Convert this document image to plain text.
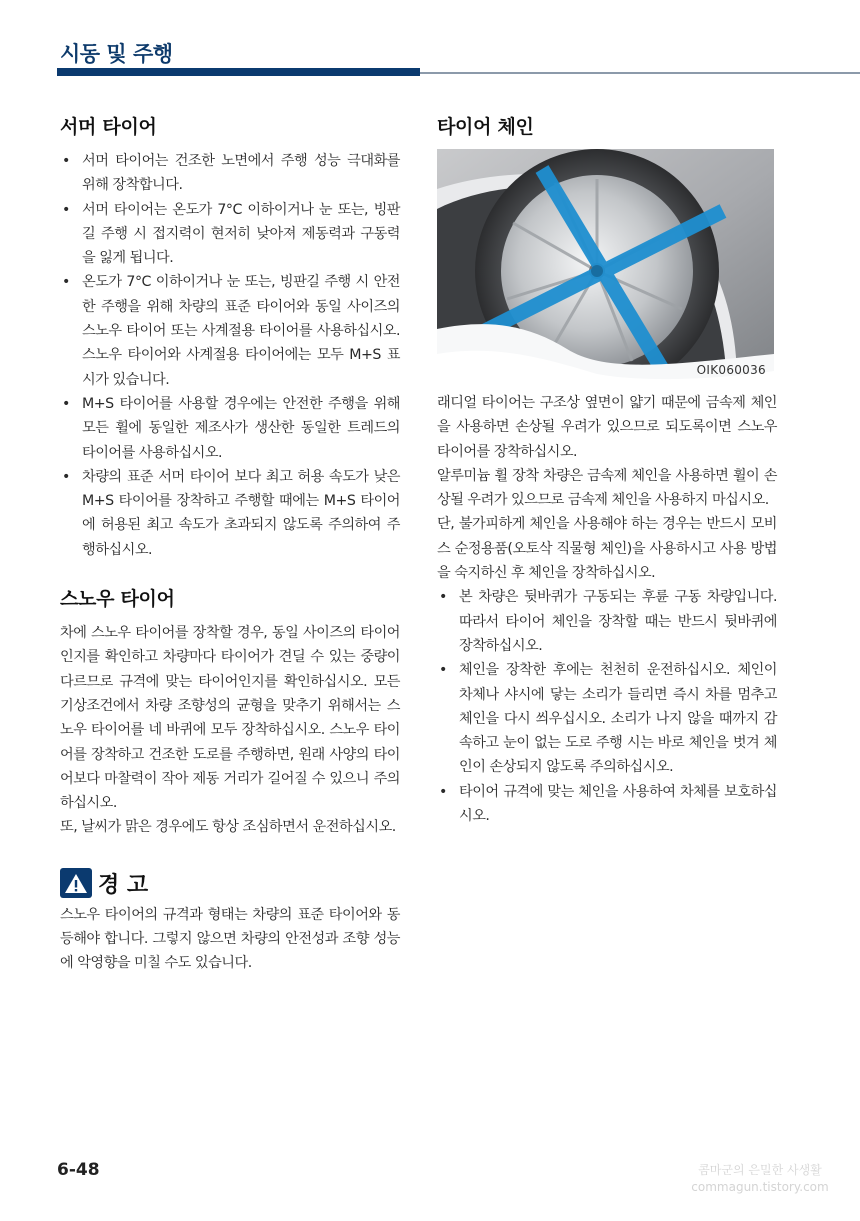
시동 및 주행
서머 타이어
• 서머 타이어는 건조한 노면에서 주행 성능 극대화를 위해 장착합니다.
• 서머 타이어는 온도가 7°C 이하이거나 눈 또는, 빙판길 주행 시 접지력이 현저히 낮아져 제동력과 구동력을 잃게 됩니다.
• 온도가 7°C 이하이거나 눈 또는, 빙판길 주행 시 안전한 주행을 위해 차량의 표준 타이어와 동일 사이즈의 스노우 타이어 또는 사계절용 타이어를 사용하십시오. 스노우 타이어와 사계절용 타이어에는 모두 M+S 표시가 있습니다.
• M+S 타이어를 사용할 경우에는 안전한 주행을 위해 모든 휠에 동일한 제조사가 생산한 동일한 트레드의 타이어를 사용하십시오.
• 차량의 표준 서머 타이어 보다 최고 허용 속도가 낮은 M+S 타이어를 장착하고 주행할 때에는 M+S 타이어에 허용된 최고 속도가 초과되지 않도록 주의하여 주행하십시오.
스노우 타이어

차에 스노우 타이어를 장착할 경우, 동일 사이즈의 타이어인지를 확인하고 차량마다 타이어가 견딜 수 있는 중량이 다르므로 규격에 맞는 타이어인지를 확인하십시오. 모든 기상조건에서 차량 조향성의 균형을 맞추기 위해서는 스노우 타이어를 네 바퀴에 모두 장착하십시오. 스노우 타이어를 장착하고 건조한 도로를 주행하면, 원래 사양의 타이어보다 마찰력이 작아 제동 거리가 길어질 수 있으니 주의하십시오.

또, 날씨가 맑은 경우에도 항상 조심하면서 운전하십시오.

경 고

스노우 타이어의 규격과 형태는 차량의 표준 타이어와 동등해야 합니다. 그렇지 않으면 차량의 안전성과 조향 성능에 악영향을 미칠 수도 있습니다.

타이어 체인
OIK060036

래디얼 타이어는 구조상 옆면이 얇기 때문에 금속제 체인을 사용하면 손상될 우려가 있으므로 되도록이면 스노우 타이어를 장착하십시오.

알루미늄 휠 장착 차량은 금속제 체인을 사용하면 휠이 손상될 우려가 있으므로 금속제 체인을 사용하지 마십시오.

단, 불가피하게 체인을 사용해야 하는 경우는 반드시 모비스 순정용품(오토삭 직물형 체인)을 사용하시고 사용 방법을 숙지하신 후 체인을 장착하십시오.

• 본 차량은 뒷바퀴가 구동되는 후륜 구동 차량입니다. 따라서 타이어 체인을 장착할 때는 반드시 뒷바퀴에 장착하십시오.
• 체인을 장착한 후에는 천천히 운전하십시오. 체인이 차체나 샤시에 닿는 소리가 들리면 즉시 차를 멈추고 체인을 다시 씌우십시오. 소리가 나지 않을 때까지 감속하고 눈이 없는 도로 주행 시는 바로 체인을 벗겨 체인이 손상되지 않도록 주의하십시오.
• 타이어 규격에 맞는 체인을 사용하여 차체를 보호하십시오.
6-48	콤마군의 은밀한 사생활
commagun.tistory.com
